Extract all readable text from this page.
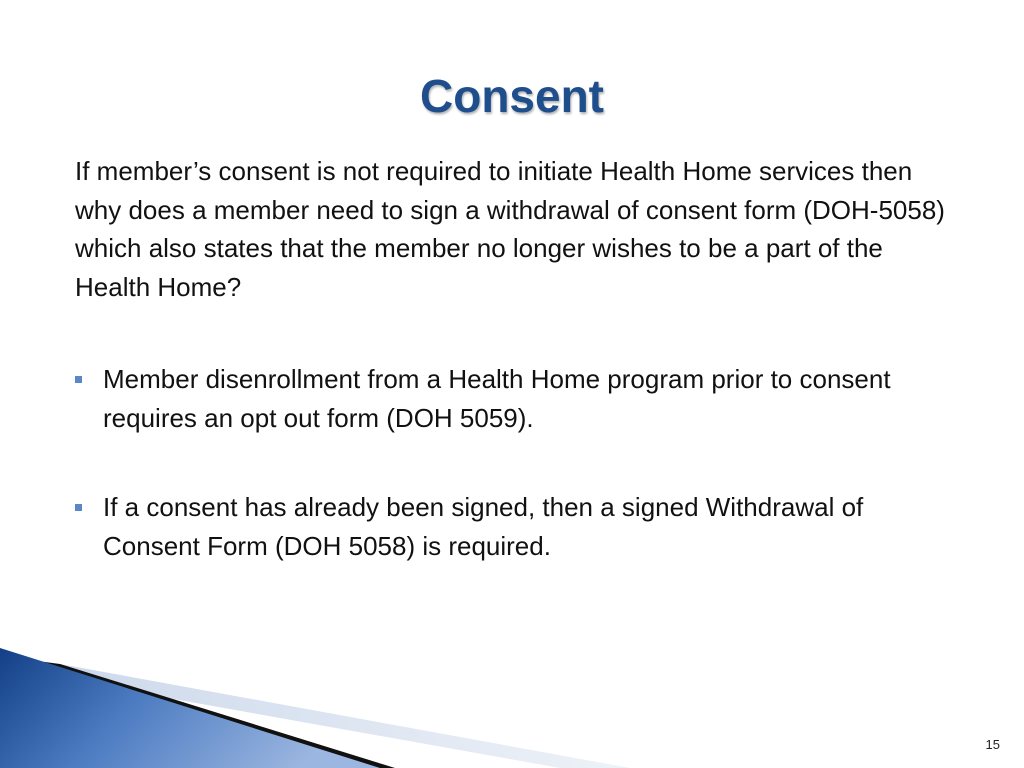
Consent

If member’s consent is not required to initiate Health Home services then why does a member need to sign a withdrawal of consent form (DOH-5058) which also states that the member no longer wishes to be a part of the Health Home?

Member disenrollment from a Health Home program prior to consent requires an opt out form (DOH 5059).
If a consent has already been signed, then a signed Withdrawal of Consent Form (DOH 5058) is required.
15
